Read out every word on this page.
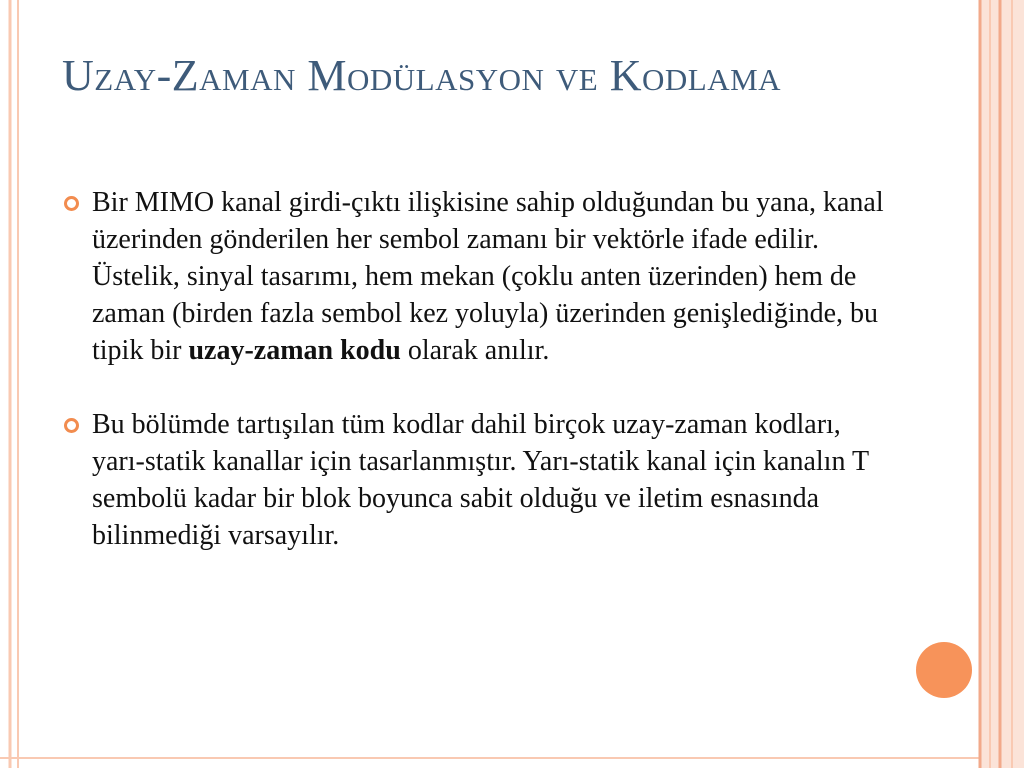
Uzay-Zaman Modülasyon ve Kodlama
Bir MIMO kanal girdi-çıktı ilişkisine sahip olduğundan bu yana, kanal üzerinden gönderilen her sembol zamanı bir vektörle ifade edilir. Üstelik, sinyal tasarımı, hem mekan (çoklu anten üzerinden) hem de zaman (birden fazla sembol kez yoluyla) üzerinden genişlediğinde, bu tipik bir uzay-zaman kodu olarak anılır.
Bu bölümde tartışılan tüm kodlar dahil birçok uzay-zaman kodları, yarı-statik kanallar için tasarlanmıştır. Yarı-statik kanal için kanalın T sembolü kadar bir blok boyunca sabit olduğu ve iletim esnasında bilinmediği varsayılır.
